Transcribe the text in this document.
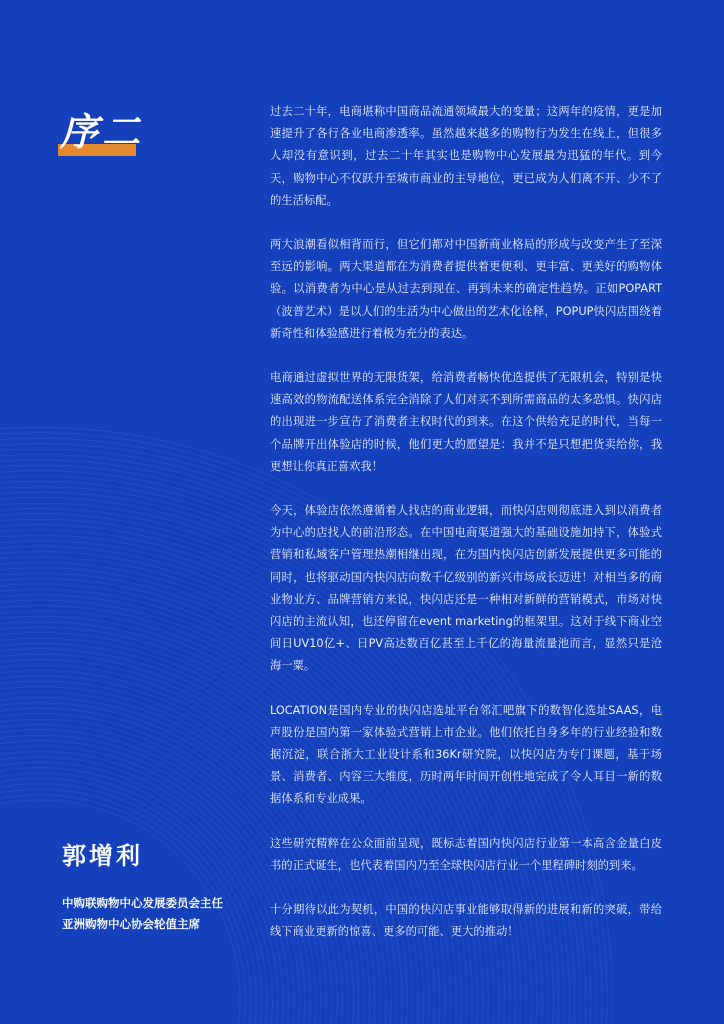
序二	过去二十年，电商堪称中国商品流通领域最大的变量；这两年的疫情，更是加速提升了各行各业电商渗透率。虽然越来越多的购物行为发生在线上，但很多人却没有意识到，过去二十年其实也是购物中心发展最为迅猛的年代。到今天，购物中心不仅跃升至城市商业的主导地位，更已成为人们离不开、少不了的生活标配。

两大浪潮看似相背而行，但它们都对中国新商业格局的形成与改变产生了至深至远的影响。两大渠道都在为消费者提供着更便利、更丰富、更美好的购物体验。以消费者为中心是从过去到现在、再到未来的确定性趋势。正如POPART（波普艺术）是以人们的生活为中心做出的艺术化诠释，POPUP快闪店围绕着新奇性和体验感进行着极为充分的表达。

电商通过虚拟世界的无限货架，给消费者畅快优选提供了无限机会，特别是快速高效的物流配送体系完全消除了人们对买不到所需商品的太多恐惧。快闪店的出现进一步宣告了消费者主权时代的到来。在这个供给充足的时代，当每一个品牌开出体验店的时候，他们更大的愿望是：我并不是只想把货卖给你，我更想让你真正喜欢我！

今天，体验店依然遵循着人找店的商业逻辑，而快闪店则彻底进入到以消费者为中心的店找人的前沿形态。在中国电商渠道强大的基础设施加持下，体验式营销和私域客户管理热潮相继出现，在为国内快闪店创新发展提供更多可能的同时，也将驱动国内快闪店向数千亿级别的新兴市场成长迈进！对相当多的商业物业方、品牌营销方来说，快闪店还是一种相对新鲜的营销模式，市场对快闪店的主流认知，也还停留在event marketing的框架里。这对于线下商业空间日UV10亿+、日PV高达数百亿甚至上千亿的海量流量池而言，显然只是沧海一粟。

LOCATION是国内专业的快闪店选址平台邻汇吧旗下的数智化选址SAAS，电声股份是国内第一家体验式营销上市企业。他们依托自身多年的行业经验和数据沉淀，联合浙大工业设计系和36Kr研究院，以快闪店为专门课题，基于场景、消费者、内容三大维度，历时两年时间开创性地完成了令人耳目一新的数据体系和专业成果。

这些研究精粹在公众面前呈现，既标志着国内快闪店行业第一本高含金量白皮书的正式诞生，也代表着国内乃至全球快闪店行业一个里程碑时刻的到来。

十分期待以此为契机，中国的快闪店事业能够取得新的进展和新的突破，带给线下商业更新的惊喜、更多的可能、更大的推动！

郭增利
中购联购物中心发展委员会主任
亚洲购物中心协会轮值主席
